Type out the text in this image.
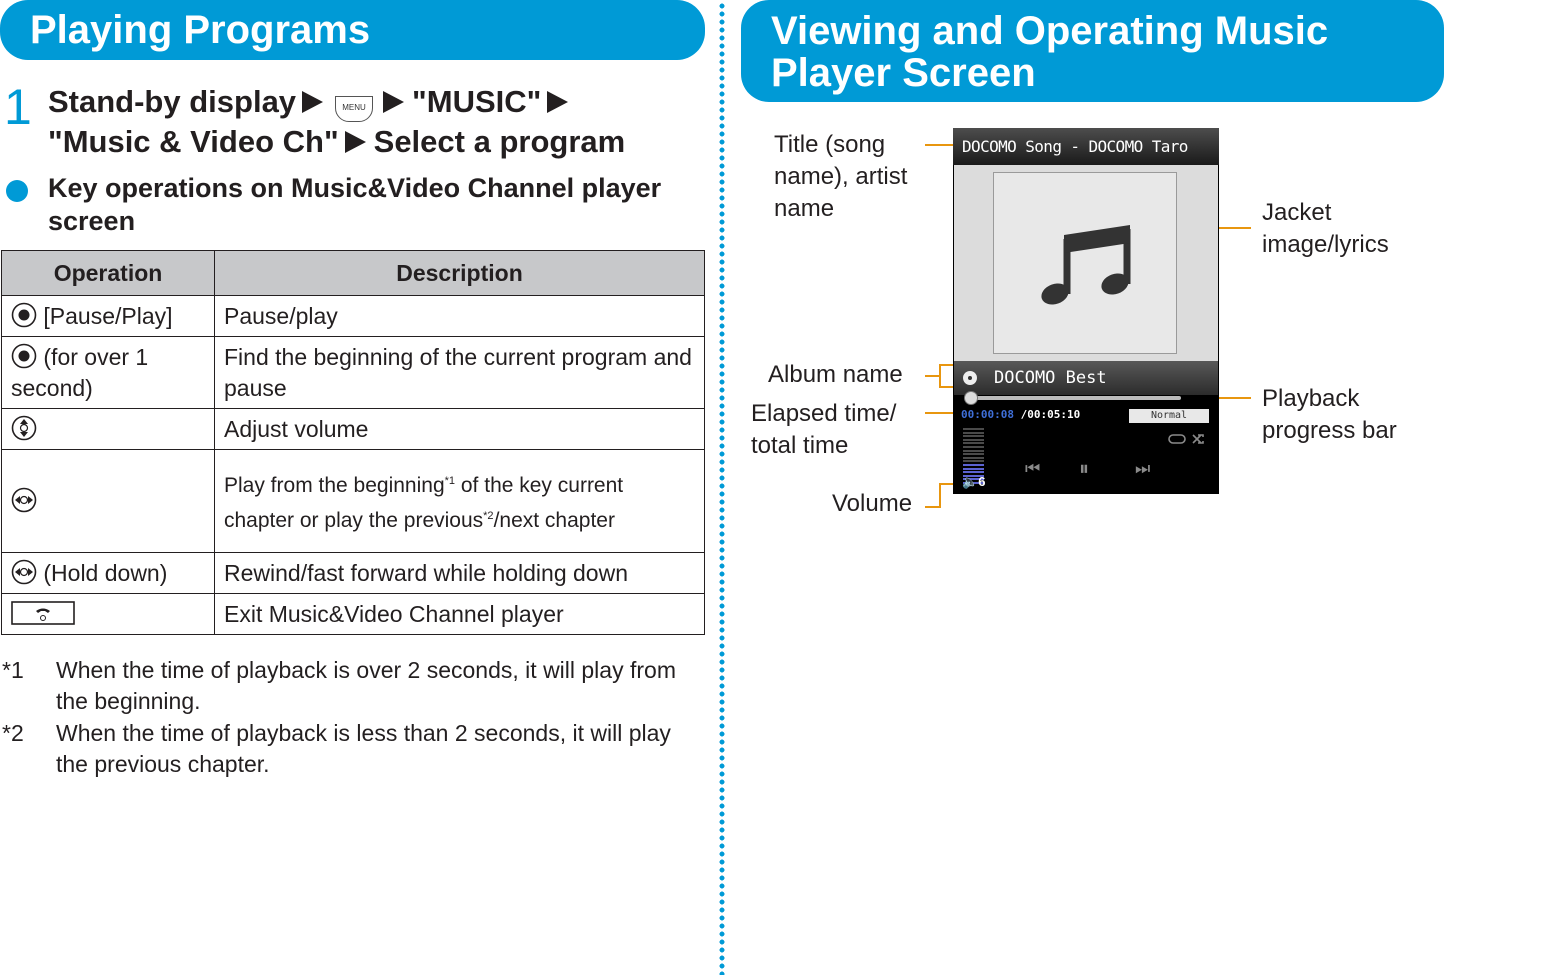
Playing Programs
1 Stand-by display	MENU "MUSIC"
"Music & Video Ch" Select a program
Key operations on Music&Video Channel player screen
Operation	Description
[Pause/Play]	Pause/play
(for over 1 second)	Find the beginning of the current program and pause
	Adjust volume
	Play from the beginning$^{*1}$ of the key current chapter or play the previous$^{*2}$/next chapter
(Hold down)	Rewind/fast forward while holding down
	Exit Music&Video Channel player
*1 When the time of playback is over 2 seconds, it will play from the beginning.
*2 When the time of playback is less than 2 seconds, it will play the previous chapter.
Viewing and Operating Music
Player Screen
Title (song
name), artist
name	Jacket
image/lyrics
Album name
Elapsed time/
total time
Playback
progress bar
Volume
DOCOMO Song - DOCOMO Taro
DOCOMO Best
00:00:08 /00:05:10	Normal
🔈6
⏮ ⏸	⏭
